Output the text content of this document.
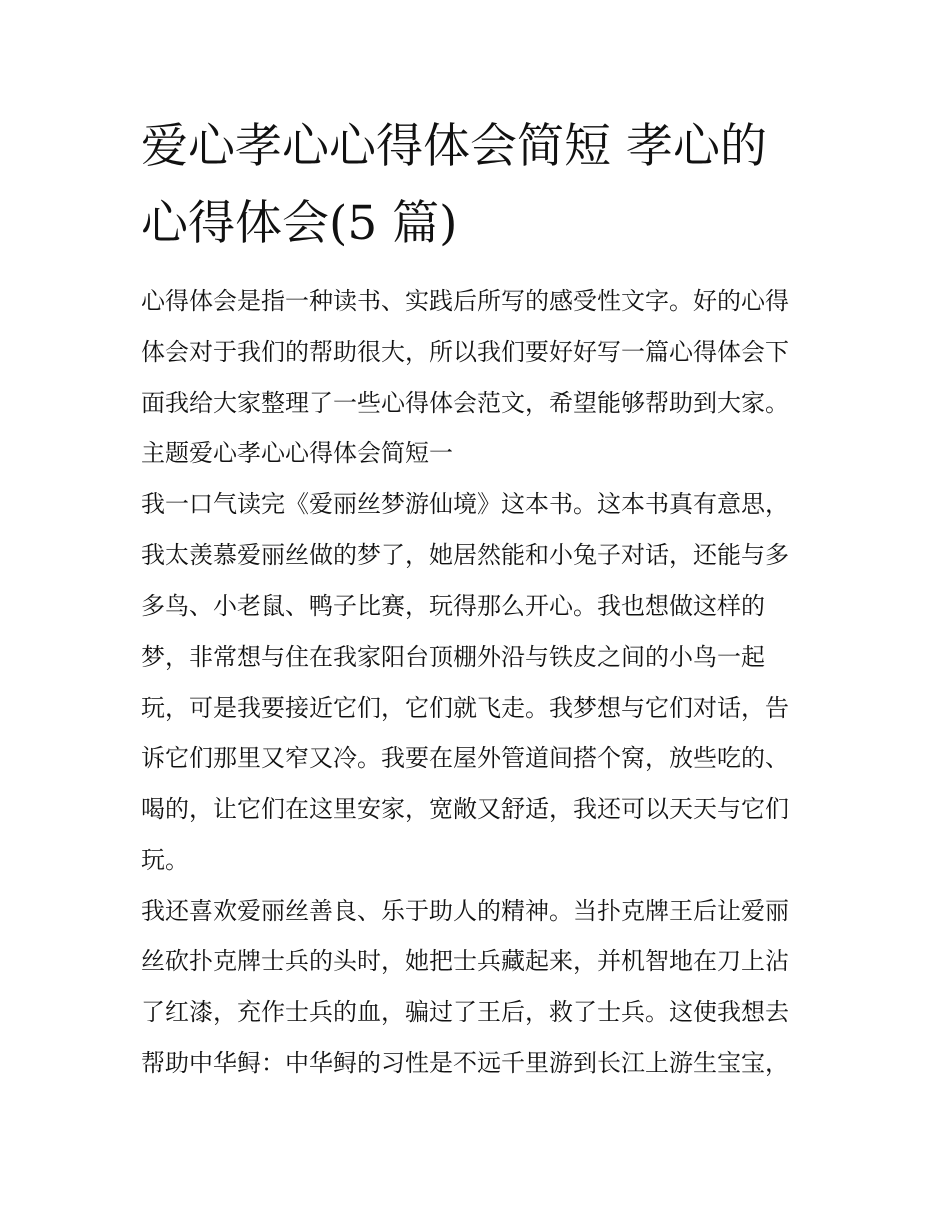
爱心孝心心得体会简短 孝心的
心得体会(5 篇)
心得体会是指一种读书、实践后所写的感受性文字。好的心得
体会对于我们的帮助很大，所以我们要好好写一篇心得体会下
面我给大家整理了一些心得体会范文，希望能够帮助到大家。
主题爱心孝心心得体会简短一
我一口气读完《爱丽丝梦游仙境》这本书。这本书真有意思，
我太羡慕爱丽丝做的梦了，她居然能和小兔子对话，还能与多
多鸟、小老鼠、鸭子比赛，玩得那么开心。我也想做这样的
梦，非常想与住在我家阳台顶棚外沿与铁皮之间的小鸟一起
玩，可是我要接近它们，它们就飞走。我梦想与它们对话，告
诉它们那里又窄又冷。我要在屋外管道间搭个窝，放些吃的、
喝的，让它们在这里安家，宽敞又舒适，我还可以天天与它们
玩。
我还喜欢爱丽丝善良、乐于助人的精神。当扑克牌王后让爱丽
丝砍扑克牌士兵的头时，她把士兵藏起来，并机智地在刀上沾
了红漆，充作士兵的血，骗过了王后，救了士兵。这使我想去
帮助中华鲟：中华鲟的习性是不远千里游到长江上游生宝宝，
